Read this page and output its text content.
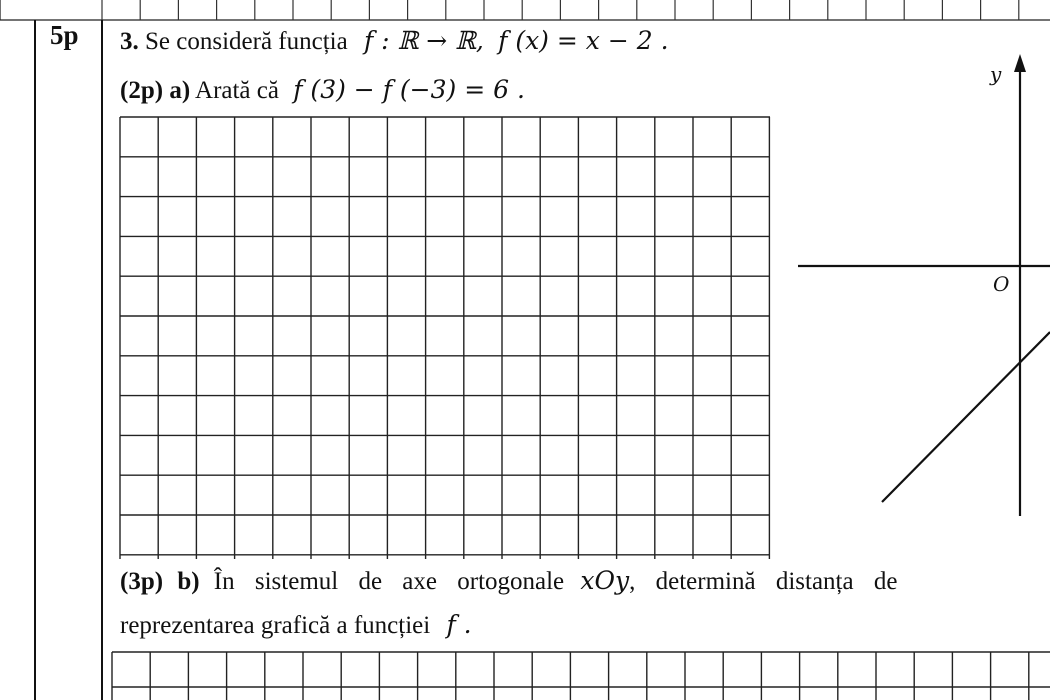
5p 3. Se consideră funcția f : ℝ → ℝ, f (x) = x − 2 .
(2p) a) Arată că f (3) − f (−3) = 6 .
(3p) b) În sistemul de axe ortogonale xOy, determină distanța de
reprezentarea grafică a funcției f .
y
O
